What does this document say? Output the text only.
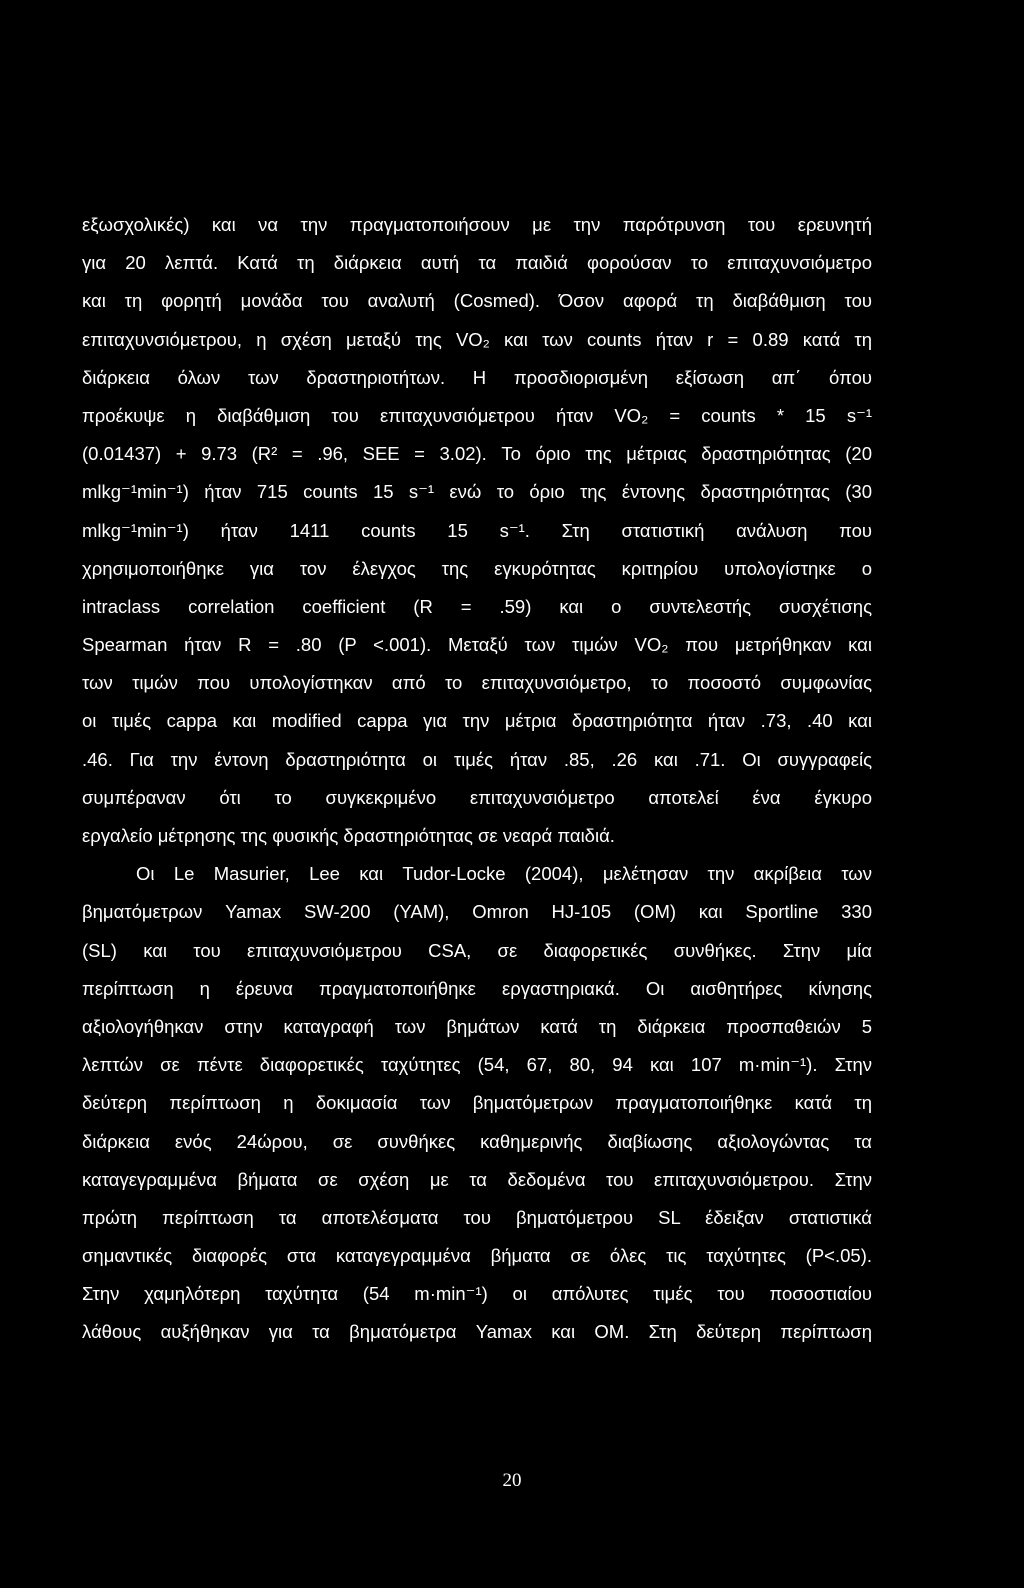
εξωσχολικές) και να την πραγματοποιήσουν με την παρότρυνση του ερευνητή
για 20 λεπτά. Κατά τη διάρκεια αυτή τα παιδιά φορούσαν το επιταχυνσιόμετρο
και τη φορητή μονάδα του αναλυτή (Cosmed). Όσον αφορά τη διαβάθμιση του
επιταχυνσιόμετρου, η σχέση μεταξύ της VO₂ και των counts ήταν r = 0.89 κατά τη
διάρκεια όλων των δραστηριοτήτων. Η προσδιορισμένη εξίσωση απ΄ όπου
προέκυψε η διαβάθμιση του επιταχυνσιόμετρου ήταν VO₂ = counts * 15 s⁻¹
(0.01437) + 9.73 (R² = .96, SEE = 3.02). Το όριο της μέτριας δραστηριότητας (20
mlkg⁻¹min⁻¹) ήταν 715 counts 15 s⁻¹ ενώ το όριο της έντονης δραστηριότητας (30
mlkg⁻¹min⁻¹) ήταν 1411 counts 15 s⁻¹. Στη στατιστική ανάλυση που
χρησιμοποιήθηκε για τον έλεγχος της εγκυρότητας κριτηρίου υπολογίστηκε ο
intraclass correlation coefficient (R = .59) και ο συντελεστής συσχέτισης
Spearman ήταν R = .80 (P <.001). Μεταξύ των τιμών VO₂ που μετρήθηκαν και
των τιμών που υπολογίστηκαν από το επιταχυνσιόμετρο, το ποσοστό συμφωνίας
οι τιμές cappa και modified cappa για την μέτρια δραστηριότητα ήταν .73, .40 και
.46. Για την έντονη δραστηριότητα οι τιμές ήταν .85, .26 και .71. Οι συγγραφείς
συμπέραναν ότι το συγκεκριμένο επιταχυνσιόμετρο αποτελεί ένα έγκυρο
εργαλείο μέτρησης της φυσικής δραστηριότητας σε νεαρά παιδιά.
Οι Le Masurier, Lee και Tudor-Locke (2004), μελέτησαν την ακρίβεια των
βηματόμετρων Yamax SW-200 (YAM), Omron HJ-105 (OM) και Sportline 330
(SL) και του επιταχυνσιόμετρου CSA, σε διαφορετικές συνθήκες. Στην μία
περίπτωση η έρευνα πραγματοποιήθηκε εργαστηριακά. Οι αισθητήρες κίνησης
αξιολογήθηκαν στην καταγραφή των βημάτων κατά τη διάρκεια προσπαθειών 5
λεπτών σε πέντε διαφορετικές ταχύτητες (54, 67, 80, 94 και 107 m·min⁻¹). Στην
δεύτερη περίπτωση η δοκιμασία των βηματόμετρων πραγματοποιήθηκε κατά τη
διάρκεια ενός 24ώρου, σε συνθήκες καθημερινής διαβίωσης αξιολογώντας τα
καταγεγραμμένα βήματα σε σχέση με τα δεδομένα του επιταχυνσιόμετρου. Στην
πρώτη περίπτωση τα αποτελέσματα του βηματόμετρου SL έδειξαν στατιστικά
σημαντικές διαφορές στα καταγεγραμμένα βήματα σε όλες τις ταχύτητες (P<.05).
Στην χαμηλότερη ταχύτητα (54 m·min⁻¹) οι απόλυτες τιμές του ποσοστιαίου
λάθους αυξήθηκαν για τα βηματόμετρα Yamax και OM. Στη δεύτερη περίπτωση
20
